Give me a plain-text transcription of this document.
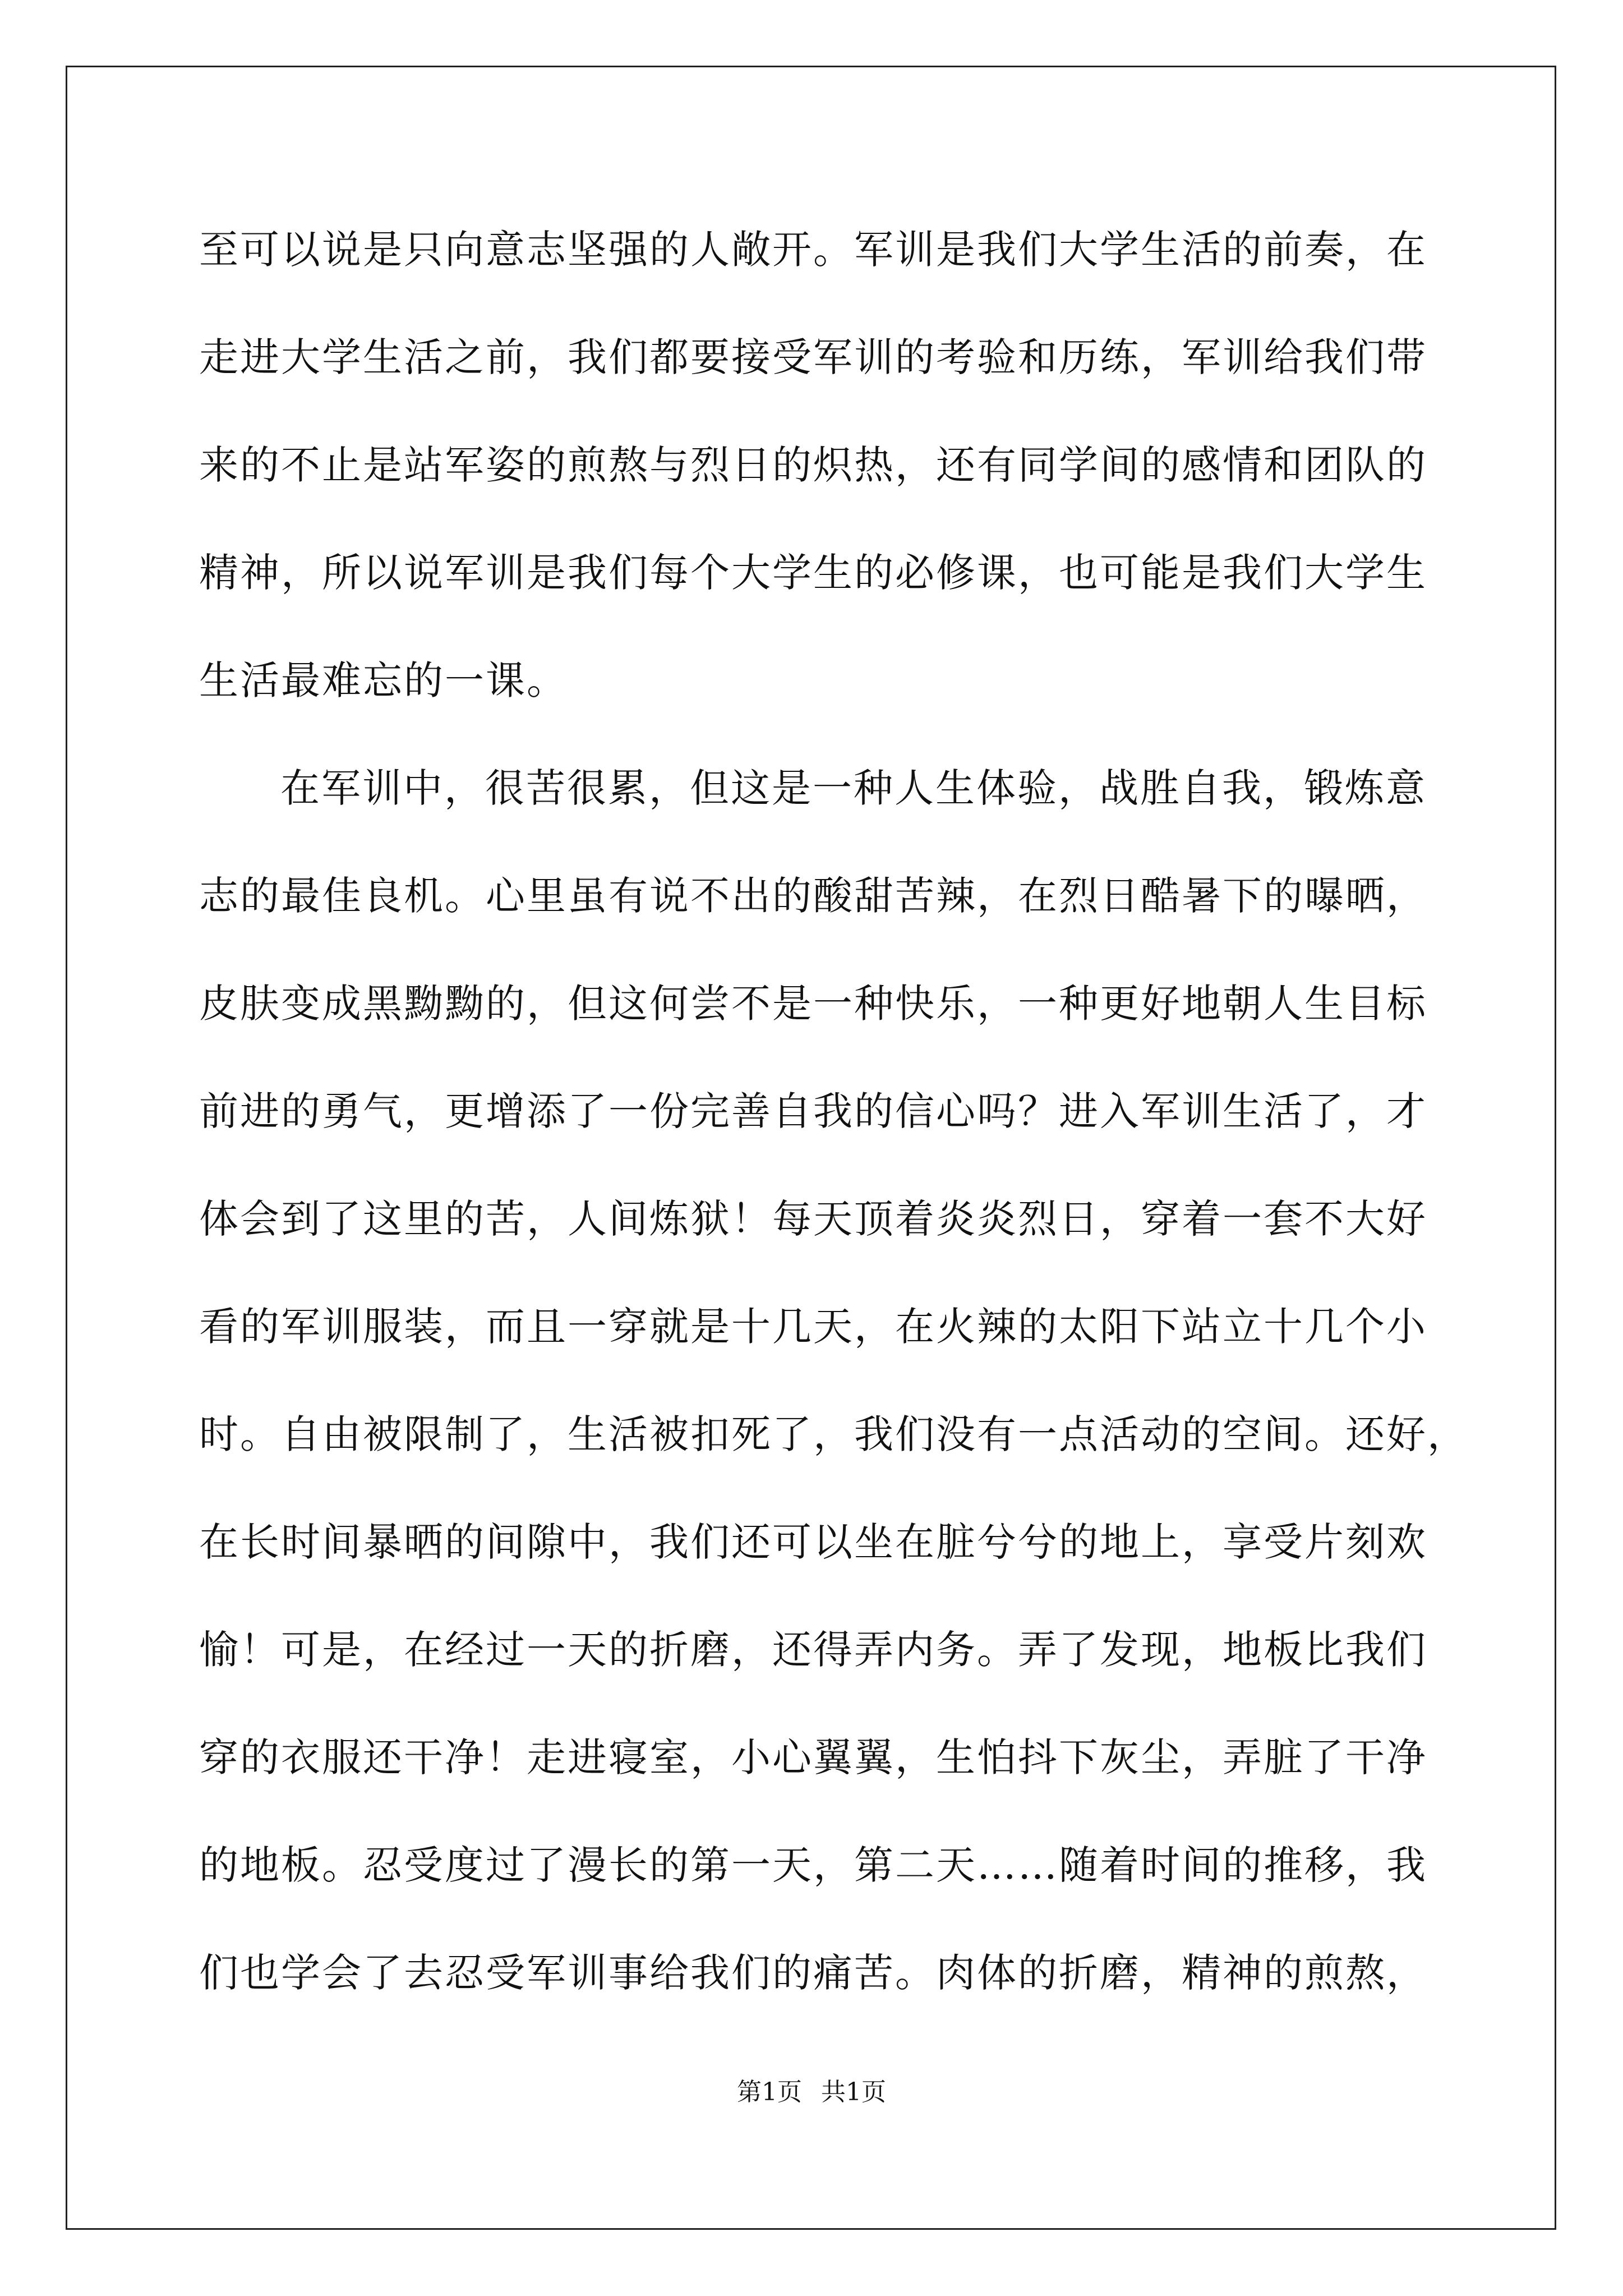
至可以说是只向意志坚强的人敞开。军训是我们大学生活的前奏，在
走进大学生活之前，我们都要接受军训的考验和历练，军训给我们带
来的不止是站军姿的煎熬与烈日的炽热，还有同学间的感情和团队的
精神，所以说军训是我们每个大学生的必修课，也可能是我们大学生
生活最难忘的一课。
在军训中，很苦很累，但这是一种人生体验，战胜自我，锻炼意
志的最佳良机。心里虽有说不出的酸甜苦辣，在烈日酷暑下的曝晒，
皮肤变成黑黝黝的，但这何尝不是一种快乐，一种更好地朝人生目标
前进的勇气，更增添了一份完善自我的信心吗？进入军训生活了，才
体会到了这里的苦，人间炼狱！每天顶着炎炎烈日，穿着一套不大好
看的军训服装，而且一穿就是十几天，在火辣的太阳下站立十几个小
时。自由被限制了，生活被扣死了，我们没有一点活动的空间。还好，
在长时间暴晒的间隙中，我们还可以坐在脏兮兮的地上，享受片刻欢
愉！可是，在经过一天的折磨，还得弄内务。弄了发现，地板比我们
穿的衣服还干净！走进寝室，小心翼翼，生怕抖下灰尘，弄脏了干净
的地板。忍受度过了漫长的第一天，第二天……随着时间的推移，我
们也学会了去忍受军训事给我们的痛苦。肉体的折磨，精神的煎熬，
第1页 共1页
